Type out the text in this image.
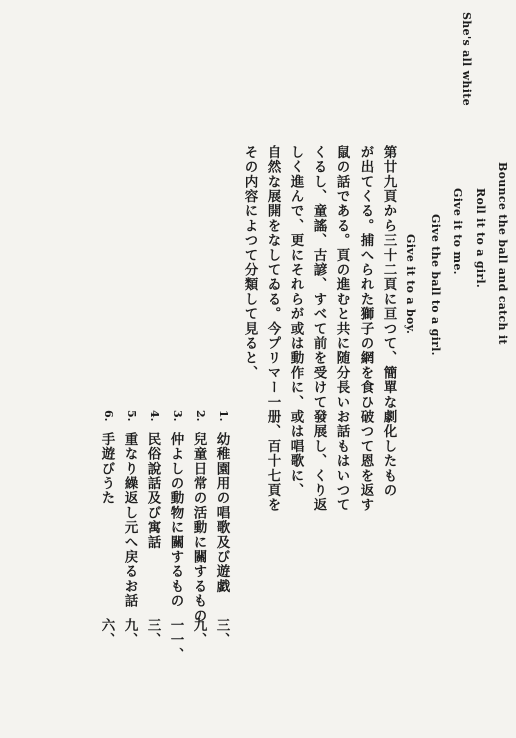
Bounce the ball and catch it
Roll it to a girl.
Give it to me.
Give the ball to a girl.
Give it to a boy.
第廿九頁から三十二頁に亘つて、簡單な劇化したもの
が出てくる。捕へられた獅子の網を食ひ破つて恩を返す
鼠の話である。頁の進むと共に随分長いお話もはいつて
くるし、童謠、古諺、すべて前を受けて發展し、くり返
しく進んで、更にそれらが或は動作に、或は唱歌に、
自然な展開をなしてゐる。今プリマー一册、百十七頁を
その内容によつて分類して見ると、
1.
幼稚園用の唱歌及び遊戯
三、
2.
兒童日常の活動に關するもの
九、
3.
仲よしの動物に關するもの
一一、
4.
民俗說話及び寓話
三、
5.
重なり繰返し元へ戻るお話
九、
6.
手遊びうた
六、
She's all white
